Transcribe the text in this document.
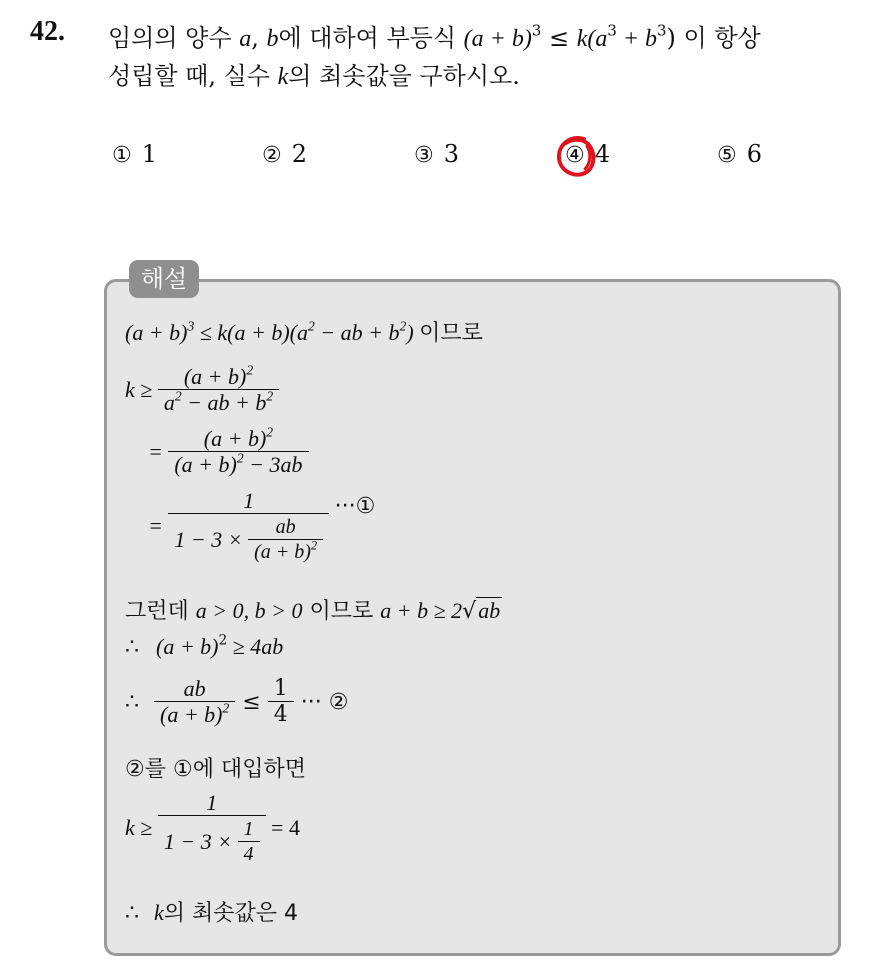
42. 임의의 양수 a, b에 대하여 부등식 $(a + b)^3 \le k(a^3 + b^3)$ 이 항상
성립할 때, 실수 k의 최솟값을 구하시오.
① 1	② 2	③ 3	④ 4	⑤ 6
해설
$(a + b)^3 \le k(a + b)(a^2$ − ab + $b^2$) 이므로
$k \ge \frac{(a + b)^2}{a^2 - ab + b^2}$
= $\frac{(a + b)^2}{(a + b)^2 - 3ab}$
= $\frac{1}{1 - 3 \times \frac{ab}{(a + b)^2}}$ ···①
그런데 a > 0, b > 0 이므로 a + b ≥ 2√ab
∴ $(a + b)^2 \ge 4ab$
∴ $\frac{ab}{(a + b)^2} \le \frac{1}{4}$ ··· ②
②를 ①에 대입하면
$k \ge \frac{1}{1 - 3 \times \frac{1}{4}} = 4$
∴ k의 최솟값은 4
